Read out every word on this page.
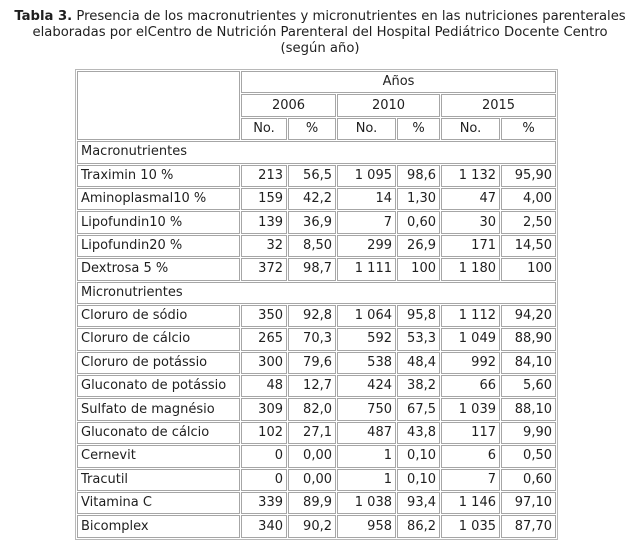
Tabla 3. Presencia de los macronutrientes y micronutrientes en las nutriciones parenterales elaboradas por elCentro de Nutrición Parenteral del Hospital Pediátrico Docente Centro (según año)
	Años					
	2006		2010		2015	
	No.	%	No.	%	No.	%
Macronutrientes						
Traximin 10 %	213	56,5	1 095	98,6	1 132	95,90
Aminoplasmal10 %	159	42,2	14	1,30	47	4,00
Lipofundin10 %	139	36,9	7	0,60	30	2,50
Lipofundin20 %	32	8,50	299	26,9	171	14,50
Dextrosa 5 %	372	98,7	1 111	100	1 180	100
Micronutrientes						
Cloruro de sódio	350	92,8	1 064	95,8	1 112	94,20
Cloruro de cálcio	265	70,3	592	53,3	1 049	88,90
Cloruro de potássio	300	79,6	538	48,4	992	84,10
Gluconato de potássio	48	12,7	424	38,2	66	5,60
Sulfato de magnésio	309	82,0	750	67,5	1 039	88,10
Gluconato de cálcio	102	27,1	487	43,8	117	9,90
Cernevit	0	0,00	1	0,10	6	0,50
Tracutil	0	0,00	1	0,10	7	0,60
Vitamina C	339	89,9	1 038	93,4	1 146	97,10
Bicomplex	340	90,2	958	86,2	1 035	87,70
